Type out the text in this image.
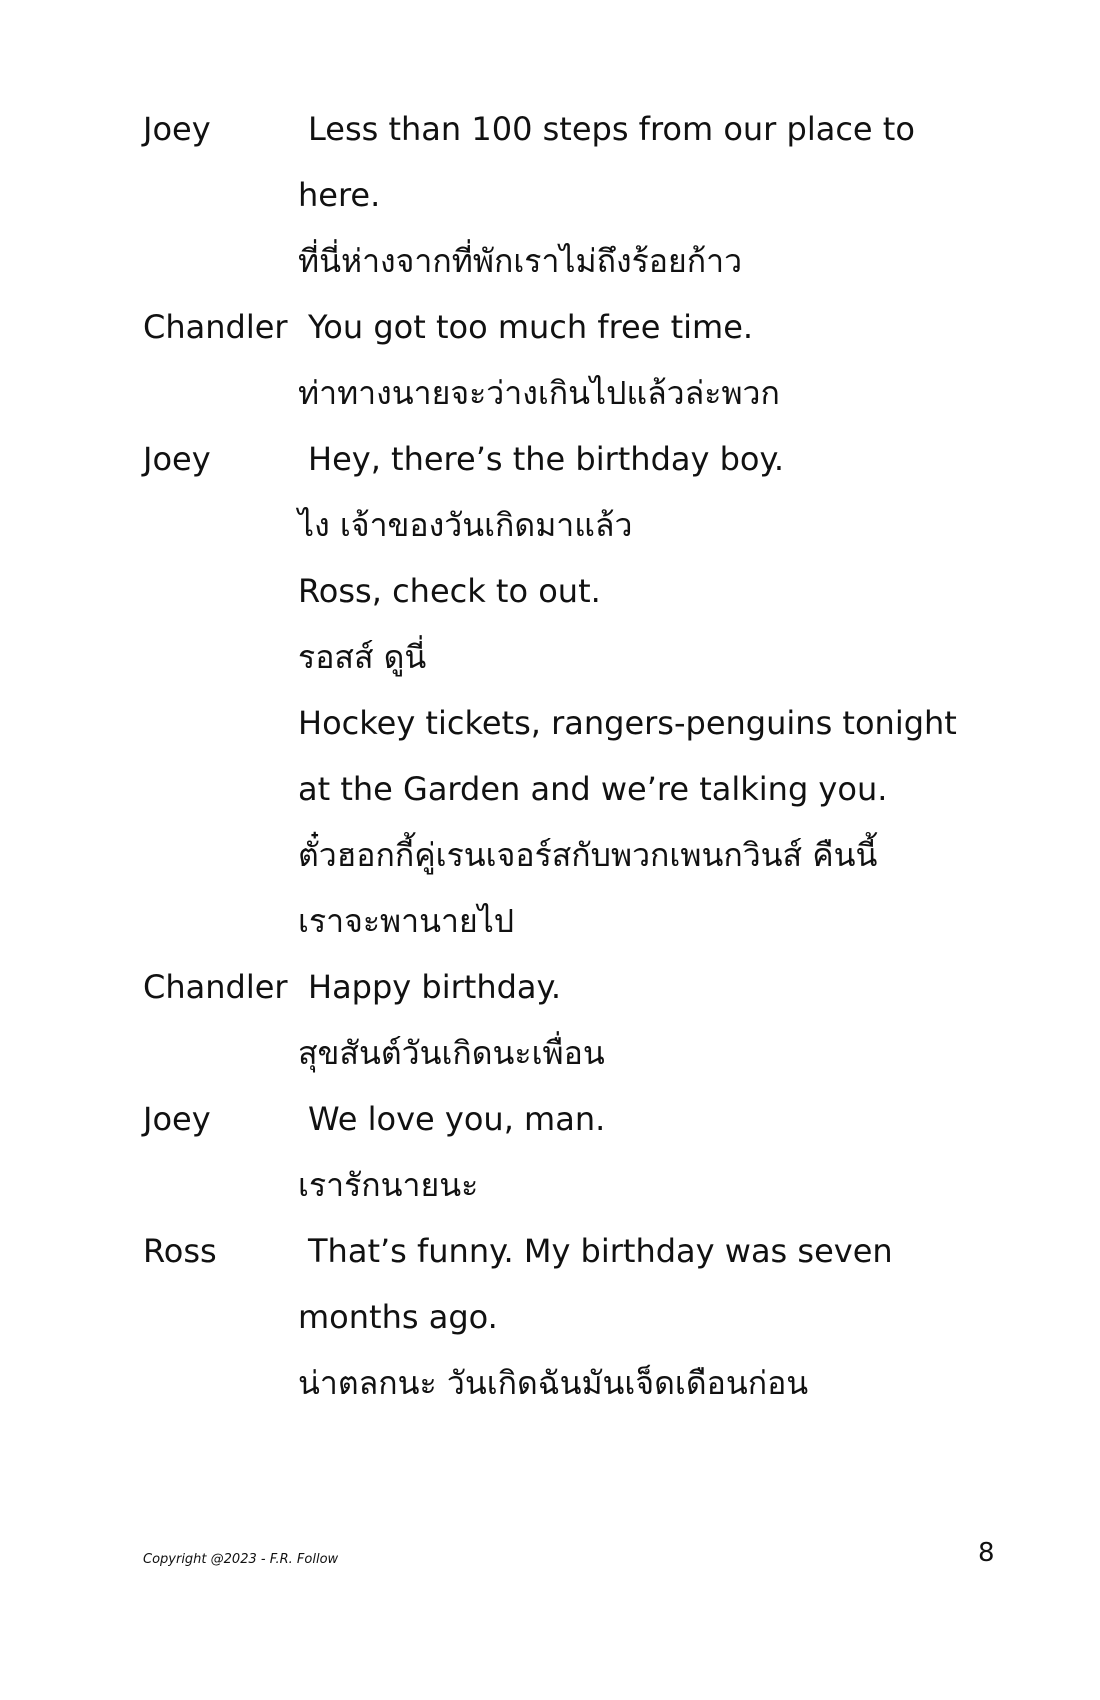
Joey	Less than 100 steps from our place to
here.
ที่นี่ห่างจากที่พักเราไม่ถึงร้อยก้าว
Chandler You got too much free time.
ท่าทางนายจะว่างเกินไปแล้วล่ะพวก
Joey	Hey, there’s the birthday boy.
ไง เจ้าของวันเกิดมาแล้ว
Ross, check to out.
รอสส์ ดูนี่
Hockey tickets, rangers-penguins tonight
at the Garden and we’re talking you.
ตั๋วฮอกกี้คู่เรนเจอร์สกับพวกเพนกวินส์ คืนนี้
เราจะพานายไป
Chandler Happy birthday.
สุขสันต์วันเกิดนะเพื่อน
Joey	We love you, man.
เรารักนายนะ
Ross	That’s funny. My birthday was seven
months ago.
น่าตลกนะ วันเกิดฉันมันเจ็ดเดือนก่อน
Copyright @2023 - F.R. Follow	8
